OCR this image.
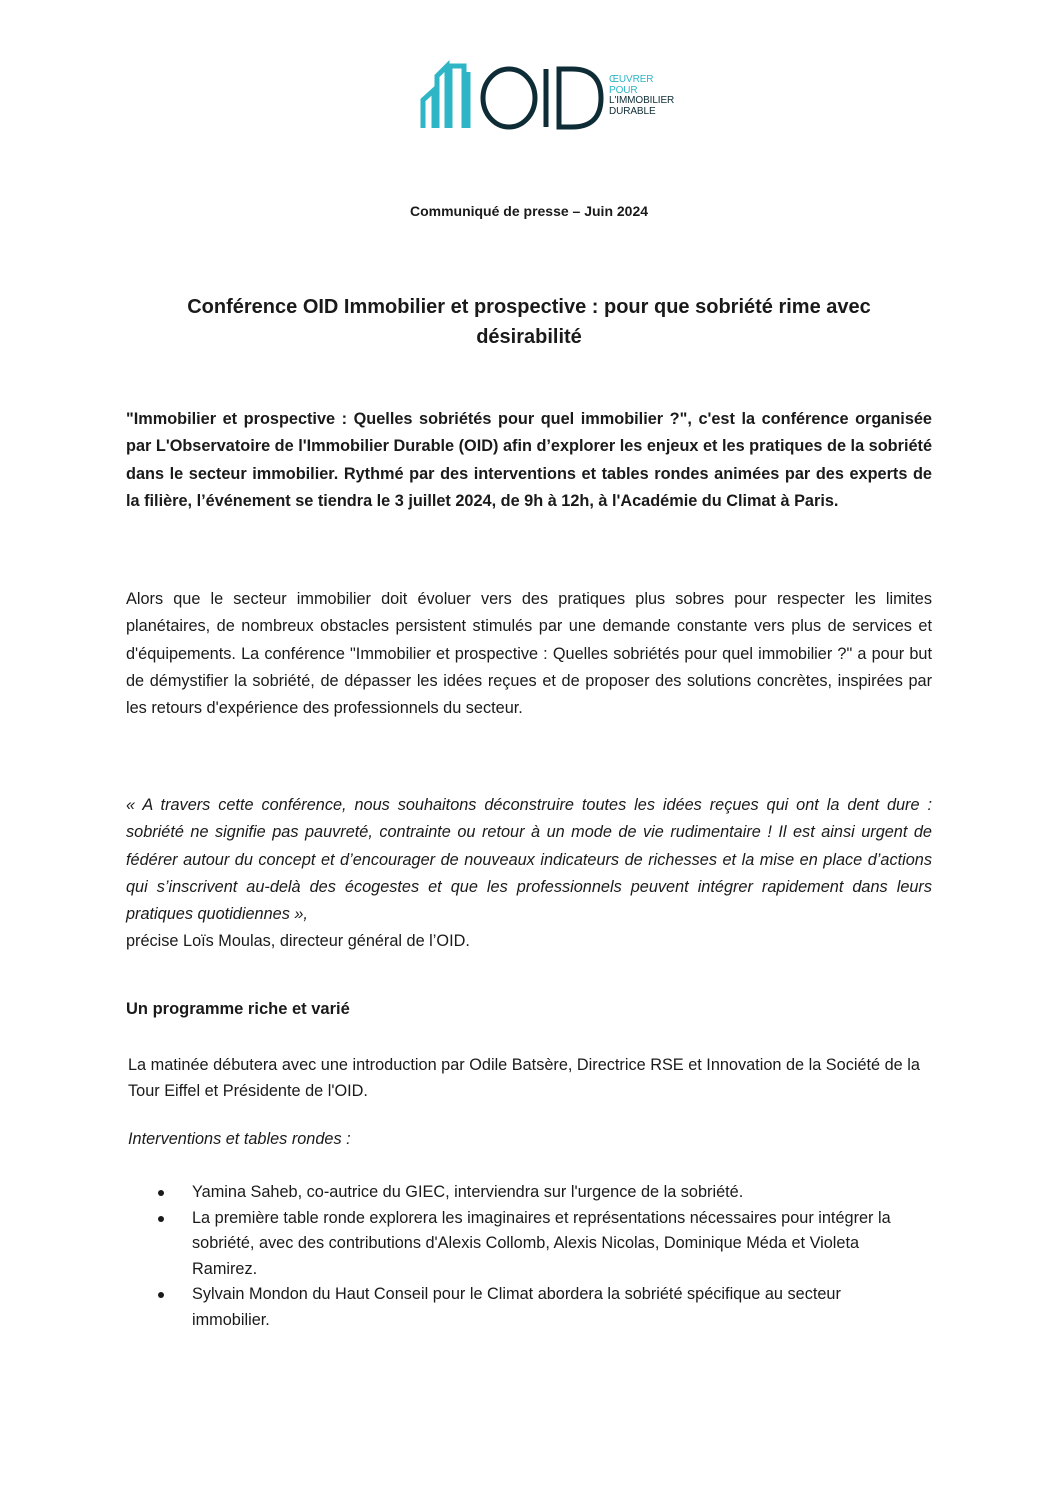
OID
ŒUVRER
POUR
L'IMMOBILIER
DURABLE
Communiqué de presse – Juin 2024
Conférence OID Immobilier et prospective : pour que sobriété rime avec désirabilité

"Immobilier et prospective : Quelles sobriétés pour quel immobilier ?", c'est la conférence organisée par L'Observatoire de l'Immobilier Durable (OID) afin d’explorer les enjeux et les pratiques de la sobriété dans le secteur immobilier. Rythmé par des interventions et tables rondes animées par des experts de la filière, l’événement se tiendra le 3 juillet 2024, de 9h à 12h, à l'Académie du Climat à Paris.

Alors que le secteur immobilier doit évoluer vers des pratiques plus sobres pour respecter les limites planétaires, de nombreux obstacles persistent stimulés par une demande constante vers plus de services et d'équipements. La conférence "Immobilier et prospective : Quelles sobriétés pour quel immobilier ?" a pour but de démystifier la sobriété, de dépasser les idées reçues et de proposer des solutions concrètes, inspirées par les retours d'expérience des professionnels du secteur.

« A travers cette conférence, nous souhaitons déconstruire toutes les idées reçues qui ont la dent dure : sobriété ne signifie pas pauvreté, contrainte ou retour à un mode de vie rudimentaire ! Il est ainsi urgent de fédérer autour du concept et d’encourager de nouveaux indicateurs de richesses et la mise en place d’actions qui s’inscrivent au-delà des écogestes et que les professionnels peuvent intégrer rapidement dans leurs pratiques quotidiennes »,
précise Loïs Moulas, directeur général de l’OID.
Un programme riche et varié

La matinée débutera avec une introduction par Odile Batsère, Directrice RSE et Innovation de la Société de la Tour Eiffel et Présidente de l'OID.

Interventions et tables rondes :
Yamina Saheb, co-autrice du GIEC, interviendra sur l'urgence de la sobriété.
La première table ronde explorera les imaginaires et représentations nécessaires pour intégrer la sobriété, avec des contributions d'Alexis Collomb, Alexis Nicolas, Dominique Méda et Violeta Ramirez.
Sylvain Mondon du Haut Conseil pour le Climat abordera la sobriété spécifique au secteur immobilier.
